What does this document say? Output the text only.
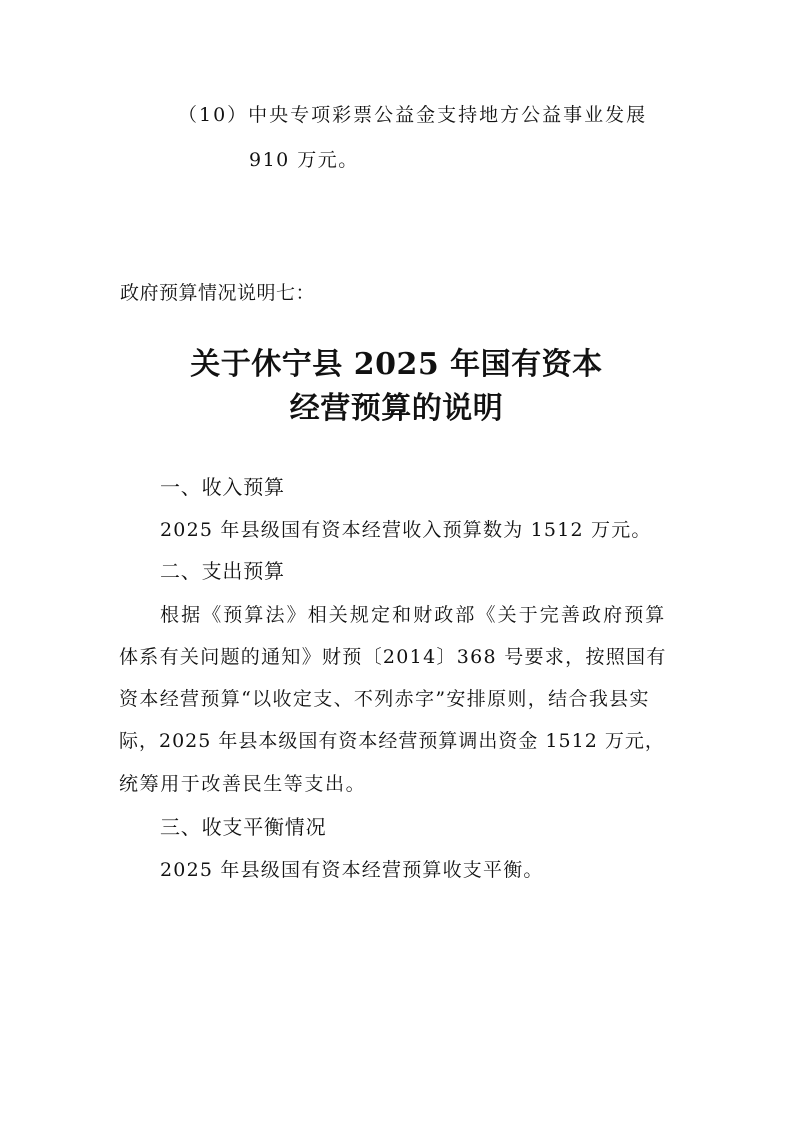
（10）中央专项彩票公益金支持地方公益事业发展
910 万元。
政府预算情况说明七：
关于休宁县 2025 年国有资本
经营预算的说明
一、收入预算
2025 年县级国有资本经营收入预算数为 1512 万元。
二、支出预算
根据《预算法》相关规定和财政部《关于完善政府预算
体系有关问题的通知》财预〔2014〕368 号要求，按照国有
资本经营预算“以收定支、不列赤字”安排原则，结合我县实
际，2025 年县本级国有资本经营预算调出资金 1512 万元，
统筹用于改善民生等支出。
三、收支平衡情况
2025 年县级国有资本经营预算收支平衡。
